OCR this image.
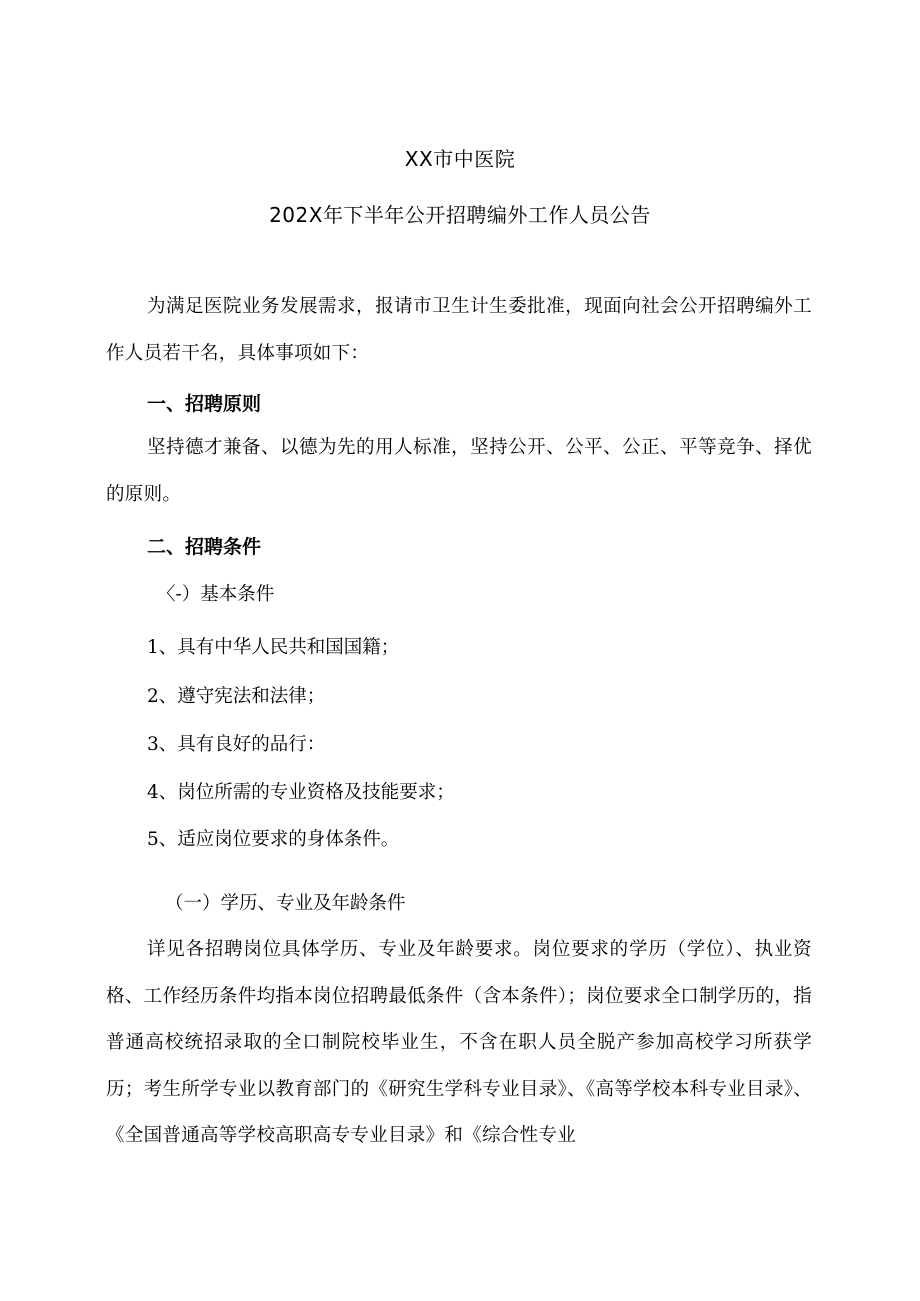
XX市中医院
202X年下半年公开招聘编外工作人员公告
为满足医院业务发展需求，报请市卫生计生委批准，现面向社会公开招聘编外工作人员若干名，具体事项如下：
一、招聘原则
坚持德才兼备、以德为先的用人标准，坚持公开、公平、公正、平等竞争、择优的原则。
二、招聘条件
〈-）基本条件
1、具有中华人民共和国国籍；
2、遵守宪法和法律；
3、具有良好的品行：
4、岗位所需的专业资格及技能要求；
5、适应岗位要求的身体条件。
（一）学历、专业及年龄条件
详见各招聘岗位具体学历、专业及年龄要求。岗位要求的学历（学位）、执业资格、工作经历条件均指本岗位招聘最低条件（含本条件）；岗位要求全口制学历的，指普通高校统招录取的全口制院校毕业生，不含在职人员全脱产参加高校学习所获学历；考生所学专业以教育部门的《研究生学科专业目录》、《高等学校本科专业目录》、《全国普通高等学校高职高专专业目录》和《综合性专业
